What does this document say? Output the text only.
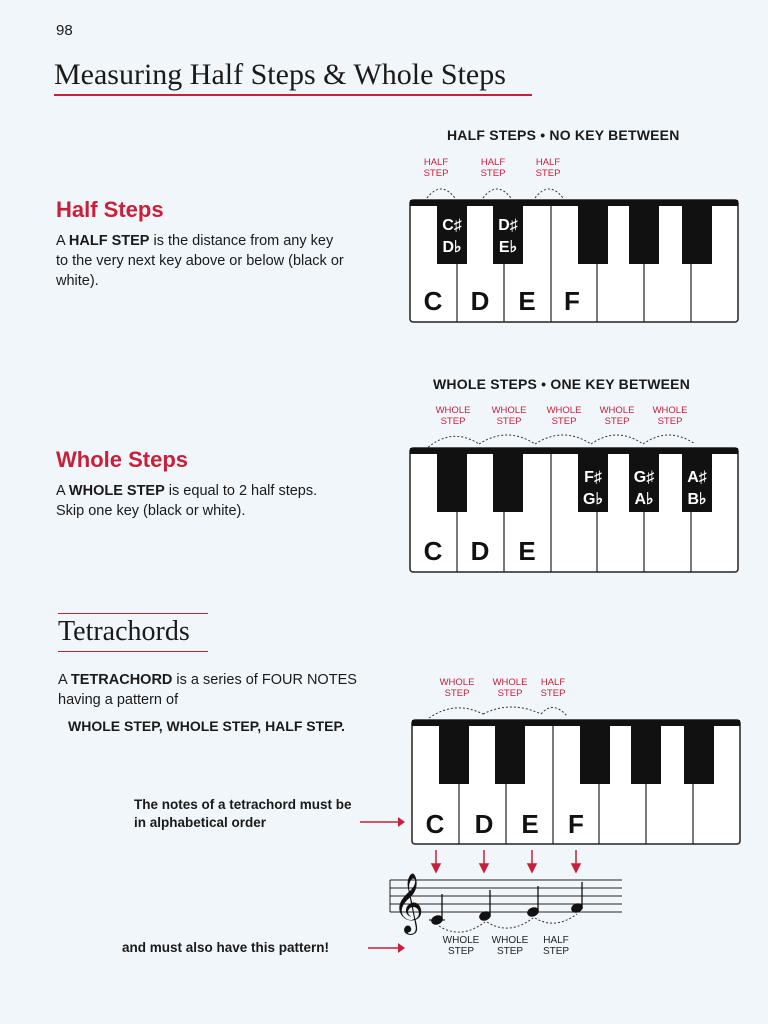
98
Measuring Half Steps & Whole Steps
Half Steps
A HALF STEP is the distance from any key to the very next key above or below (black or white).
HALF STEPS • NO KEY BETWEEN
HALF STEP
HALF STEP
HALF STEP
C♯
D♭
D♯
E♭
C D E F
Whole Steps
A WHOLE STEP is equal to 2 half steps.
Skip one key (black or white).
WHOLE STEPS • ONE KEY BETWEEN
WHOLE STEP
WHOLE STEP
WHOLE STEP
WHOLE STEP
WHOLE STEP
F♯
G♭
G♯
A♭
A♯
B♭
C D E
Tetrachords
A TETRACHORD is a series of FOUR NOTES having a pattern of
WHOLE STEP, WHOLE STEP, HALF STEP.
WHOLE STEP
WHOLE STEP
HALF STEP
C D E F
The notes of a tetrachord must be in alphabetical order
𝄞
WHOLE STEP
WHOLE STEP
HALF STEP
and must also have this pattern!
